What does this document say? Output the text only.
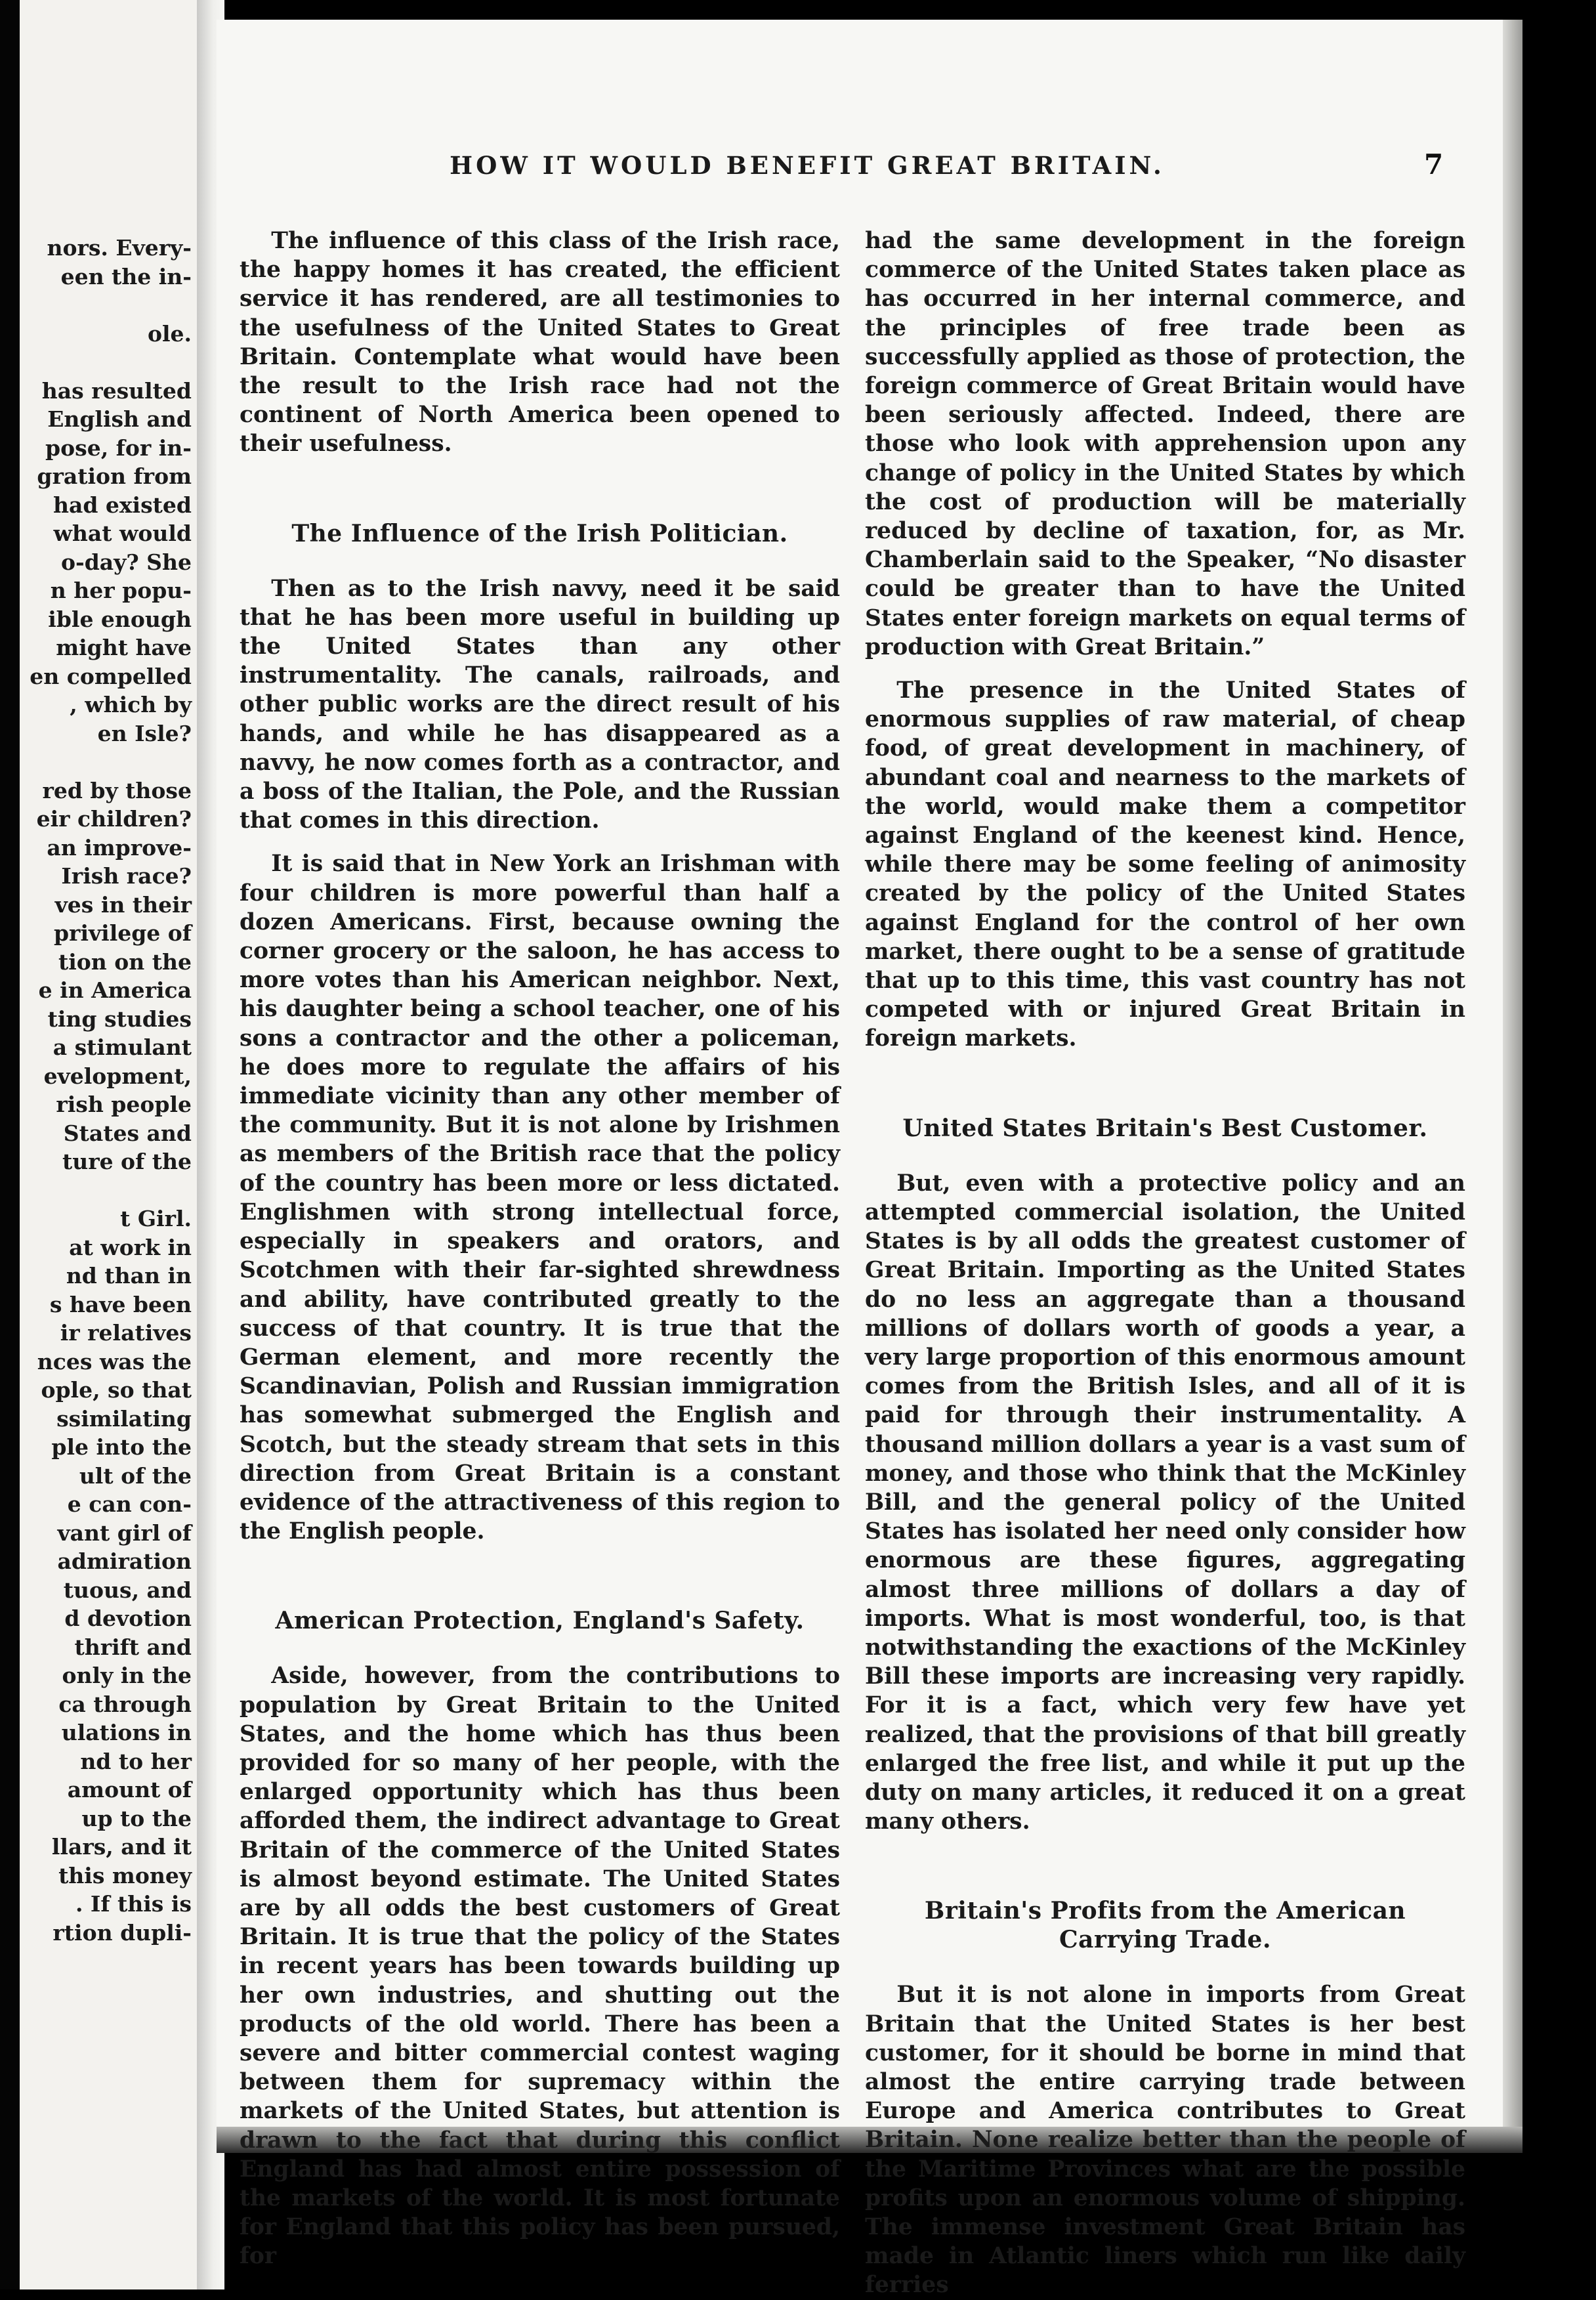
nors. Every-
een the in-
ole.
has resulted
English and
pose, for in-
gration from
had existed
what would
o-day? She
n her popu-
ible enough
might have
en compelled
, which by
en Isle?
red by those
eir children?
an improve-
Irish race?
ves in their
privilege of
tion on the
e in America
ting studies
a stimulant
evelopment,
rish people
States and
ture of the
t Girl.
at work in
nd than in
s have been
ir relatives
nces was the
ople, so that
ssimilating
ple into the
ult of the
e can con-
vant girl of
admiration
tuous, and
d devotion
thrift and
only in the
ca through
ulations in
nd to her
amount of
up to the
llars, and it
this money
. If this is
rtion dupli-
HOW IT WOULD BENEFIT GREAT BRITAIN.	7

The influence of this class of the Irish race, the happy homes it has created, the efficient service it has rendered, are all testimonies to the usefulness of the United States to Great Britain. Contemplate what would have been the result to the Irish race had not the continent of North America been opened to their usefulness.

The Influence of the Irish Politician.

Then as to the Irish navvy, need it be said that he has been more useful in building up the United States than any other instrumentality. The canals, railroads, and other public works are the direct result of his hands, and while he has disappeared as a navvy, he now comes forth as a contractor, and a boss of the Italian, the Pole, and the Russian that comes in this direction.

It is said that in New York an Irishman with four children is more powerful than half a dozen Americans. First, because owning the corner grocery or the saloon, he has access to more votes than his American neighbor. Next, his daughter being a school teacher, one of his sons a contractor and the other a policeman, he does more to regulate the affairs of his immediate vicinity than any other member of the community. But it is not alone by Irishmen as members of the British race that the policy of the country has been more or less dictated. Englishmen with strong intellectual force, especially in speakers and orators, and Scotchmen with their far-sighted shrewdness and ability, have contributed greatly to the success of that country. It is true that the German element, and more recently the Scandinavian, Polish and Russian immigration has somewhat submerged the English and Scotch, but the steady stream that sets in this direction from Great Britain is a constant evidence of the attractiveness of this region to the English people.

American Protection, England's Safety.

Aside, however, from the contributions to population by Great Britain to the United States, and the home which has thus been provided for so many of her people, with the enlarged opportunity which has thus been afforded them, the indirect advantage to Great Britain of the commerce of the United States is almost beyond estimate. The United States are by all odds the best customers of Great Britain. It is true that the policy of the States in recent years has been towards building up her own industries, and shutting out the products of the old world. There has been a severe and bitter commercial contest waging between them for supremacy within the markets of the United States, but attention is drawn to the fact that during this conflict England has had almost entire possession of the markets of the world. It is most fortunate for England that this policy has been pursued, for

had the same development in the foreign commerce of the United States taken place as has occurred in her internal commerce, and the principles of free trade been as successfully applied as those of protection, the foreign commerce of Great Britain would have been seriously affected. Indeed, there are those who look with apprehension upon any change of policy in the United States by which the cost of production will be materially reduced by decline of taxation, for, as Mr. Chamberlain said to the Speaker, “No disaster could be greater than to have the United States enter foreign markets on equal terms of production with Great Britain.”

The presence in the United States of enormous supplies of raw material, of cheap food, of great development in machinery, of abundant coal and nearness to the markets of the world, would make them a competitor against England of the keenest kind. Hence, while there may be some feeling of animosity created by the policy of the United States against England for the control of her own market, there ought to be a sense of gratitude that up to this time, this vast country has not competed with or injured Great Britain in foreign markets.

United States Britain's Best Customer.

But, even with a protective policy and an attempted commercial isolation, the United States is by all odds the greatest customer of Great Britain. Importing as the United States do no less an aggregate than a thousand millions of dollars worth of goods a year, a very large proportion of this enormous amount comes from the British Isles, and all of it is paid for through their instrumentality. A thousand million dollars a year is a vast sum of money, and those who think that the McKinley Bill, and the general policy of the United States has isolated her need only consider how enormous are these figures, aggregating almost three millions of dollars a day of imports. What is most wonderful, too, is that notwithstanding the exactions of the McKinley Bill these imports are increasing very rapidly. For it is a fact, which very few have yet realized, that the provisions of that bill greatly enlarged the free list, and while it put up the duty on many articles, it reduced it on a great many others.

Britain's Profits from the American Carrying Trade.

But it is not alone in imports from Great Britain that the United States is her best customer, for it should be borne in mind that almost the entire carrying trade between Europe and America contributes to Great Britain. None realize better than the people of the Maritime Provinces what are the possible profits upon an enormous volume of shipping. The immense investment Great Britain has made in Atlantic liners which run like daily ferries
